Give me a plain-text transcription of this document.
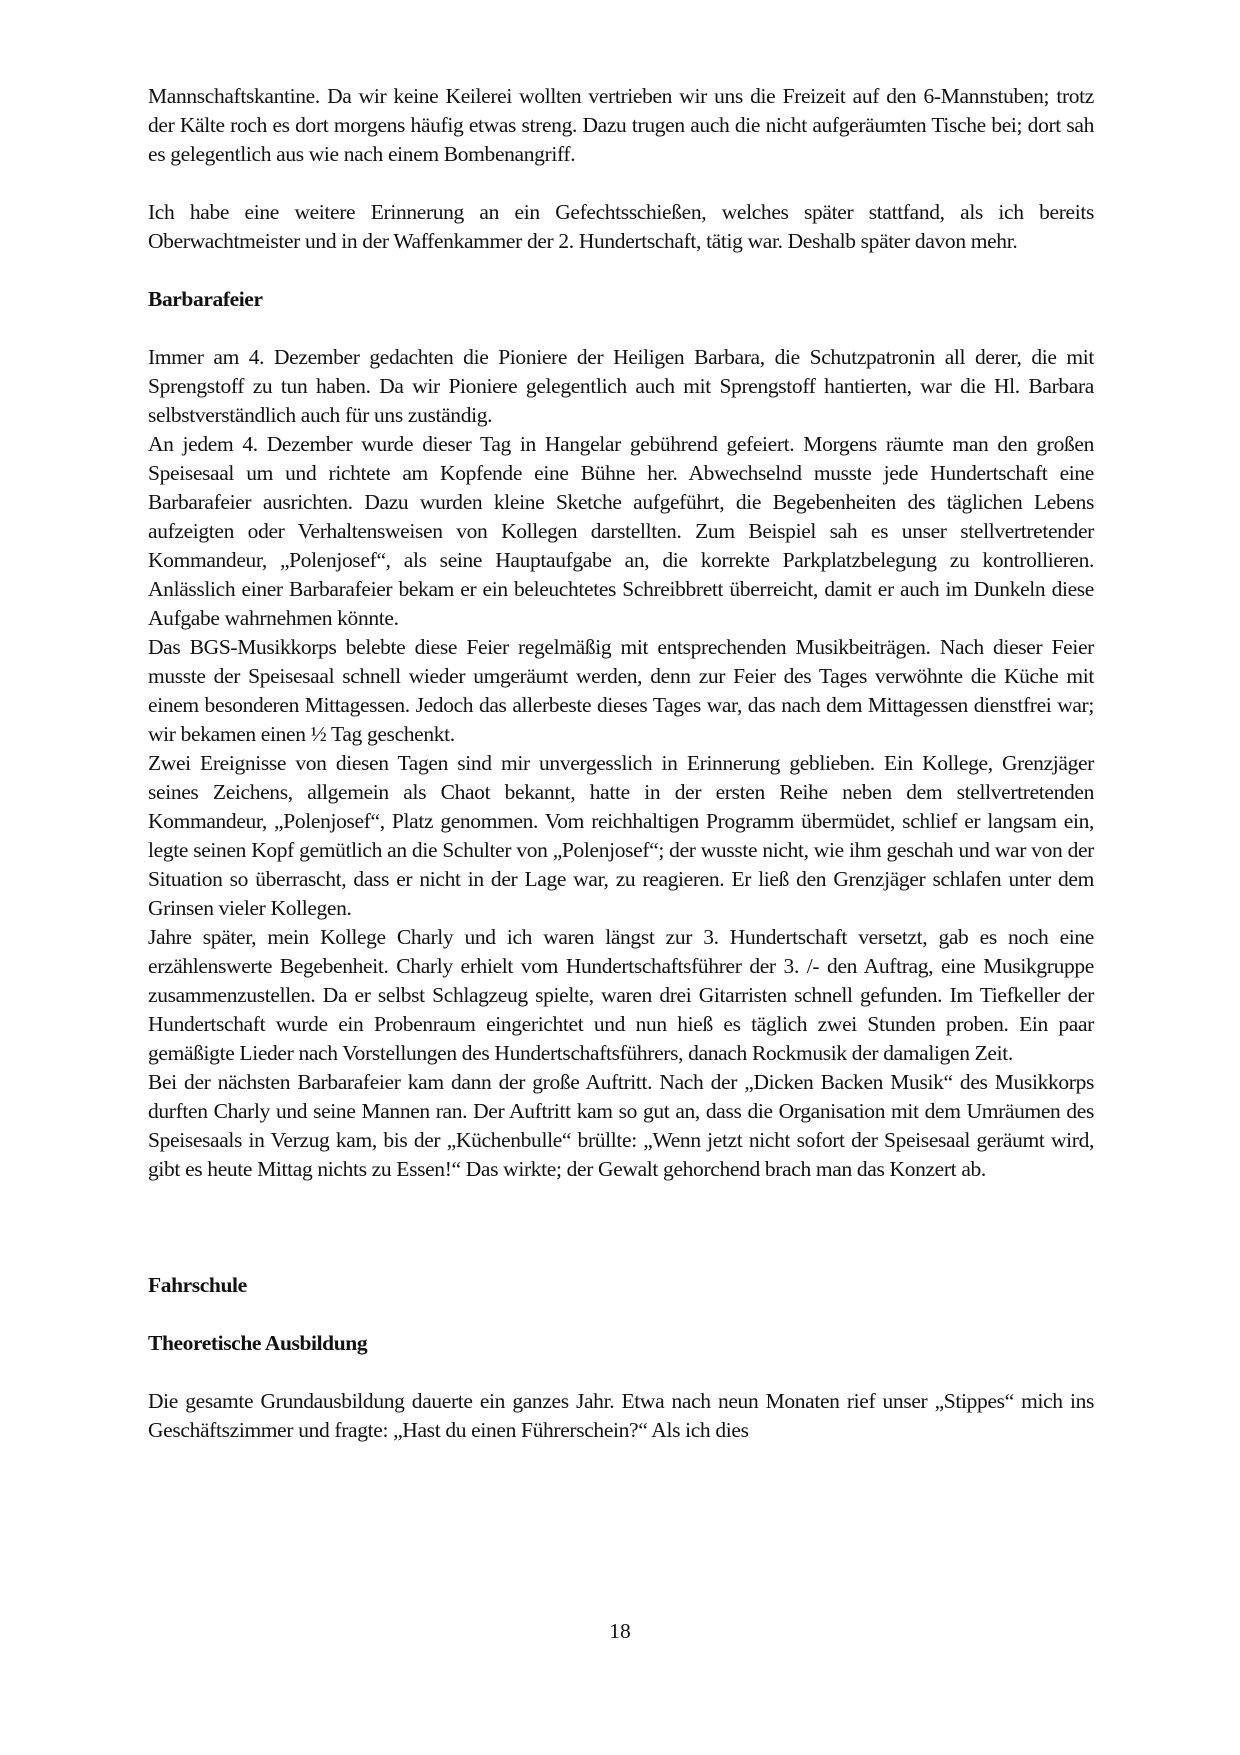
Mannschaftskantine. Da wir keine Keilerei wollten vertrieben wir uns die Freizeit auf den 6-Mannstuben; trotz der Kälte roch es dort morgens häufig etwas streng. Dazu trugen auch die nicht aufgeräumten Tische bei; dort sah es gelegentlich aus wie nach einem Bombenangriff.

Ich habe eine weitere Erinnerung an ein Gefechtsschießen, welches später stattfand, als ich bereits Oberwachtmeister und in der Waffenkammer der 2. Hundertschaft, tätig war. Deshalb später davon mehr.

Barbarafeier

Immer am 4. Dezember gedachten die Pioniere der Heiligen Barbara, die Schutzpatronin all derer, die mit Sprengstoff zu tun haben. Da wir Pioniere gelegentlich auch mit Sprengstoff hantierten, war die Hl. Barbara selbstverständlich auch für uns zuständig.

An jedem 4. Dezember wurde dieser Tag in Hangelar gebührend gefeiert. Morgens räumte man den großen Speisesaal um und richtete am Kopfende eine Bühne her. Abwechselnd musste jede Hundertschaft eine Barbarafeier ausrichten. Dazu wurden kleine Sketche aufgeführt, die Begebenheiten des täglichen Lebens aufzeigten oder Verhaltensweisen von Kollegen darstellten. Zum Beispiel sah es unser stellvertretender Kommandeur, „Polenjosef“, als seine Hauptaufgabe an, die korrekte Parkplatzbelegung zu kontrollieren. Anlässlich einer Barbarafeier bekam er ein beleuchtetes Schreibbrett überreicht, damit er auch im Dunkeln diese Aufgabe wahrnehmen könnte.

Das BGS-Musikkorps belebte diese Feier regelmäßig mit entsprechenden Musikbeiträgen. Nach dieser Feier musste der Speisesaal schnell wieder umgeräumt werden, denn zur Feier des Tages verwöhnte die Küche mit einem besonderen Mittagessen. Jedoch das allerbeste dieses Tages war, das nach dem Mittagessen dienstfrei war; wir bekamen einen ½ Tag geschenkt.

Zwei Ereignisse von diesen Tagen sind mir unvergesslich in Erinnerung geblieben. Ein Kollege, Grenzjäger seines Zeichens, allgemein als Chaot bekannt, hatte in der ersten Reihe neben dem stellvertretenden Kommandeur, „Polenjosef“, Platz genommen. Vom reichhaltigen Programm übermüdet, schlief er langsam ein, legte seinen Kopf gemütlich an die Schulter von „Polenjosef“; der wusste nicht, wie ihm geschah und war von der Situation so überrascht, dass er nicht in der Lage war, zu reagieren. Er ließ den Grenzjäger schlafen unter dem Grinsen vieler Kollegen.

Jahre später, mein Kollege Charly und ich waren längst zur 3. Hundertschaft versetzt, gab es noch eine erzählenswerte Begebenheit. Charly erhielt vom Hundertschaftsführer der 3. /- den Auftrag, eine Musikgruppe zusammenzustellen. Da er selbst Schlagzeug spielte, waren drei Gitarristen schnell gefunden. Im Tiefkeller der Hundertschaft wurde ein Probenraum eingerichtet und nun hieß es täglich zwei Stunden proben. Ein paar gemäßigte Lieder nach Vorstellungen des Hundertschaftsführers, danach Rockmusik der damaligen Zeit.

Bei der nächsten Barbarafeier kam dann der große Auftritt. Nach der „Dicken Backen Musik“ des Musikkorps durften Charly und seine Mannen ran. Der Auftritt kam so gut an, dass die Organisation mit dem Umräumen des Speisesaals in Verzug kam, bis der „Küchenbulle“ brüllte: „Wenn jetzt nicht sofort der Speisesaal geräumt wird, gibt es heute Mittag nichts zu Essen!“ Das wirkte; der Gewalt gehorchend brach man das Konzert ab.

Fahrschule
Theoretische Ausbildung

Die gesamte Grundausbildung dauerte ein ganzes Jahr. Etwa nach neun Monaten rief unser „Stippes“ mich ins Geschäftszimmer und fragte: „Hast du einen Führerschein?“ Als ich dies

18
